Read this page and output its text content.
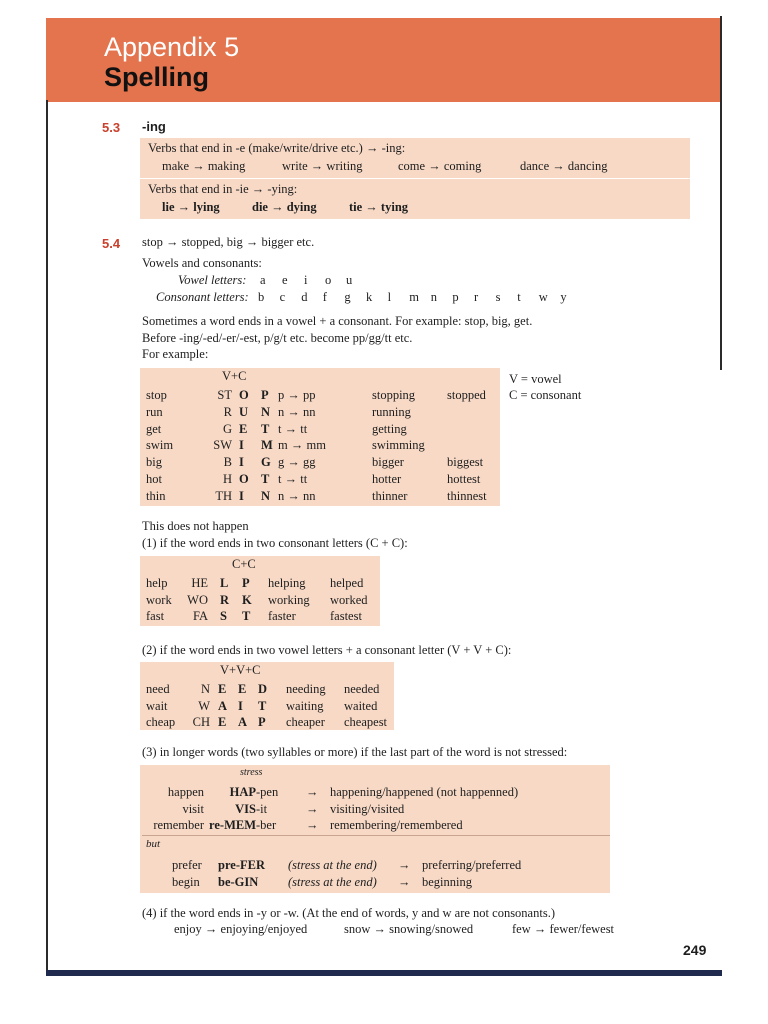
Appendix 5
Spelling
5.3 -ing
Verbs that end in -e (make/write/drive etc.) → -ing:
make → making	write → writing	come → coming	dance → dancing
Verbs that end in -ie → -ying:
lie → lying	die → dying	tie → tying
5.4 stop → stopped, big → bigger etc.
Vowels and consonants:
Vowel letters: a e i o u
Consonant letters: b c d f g k l m n p r s t w y
Sometimes a word ends in a vowel + a consonant. For example: stop, big, get.
Before -ing/-ed/-er/-est, p/g/t etc. become pp/gg/tt etc.
For example:
V+C
stop	ST O P p → pp	stopping	stopped
run	R U N n → nn	running
get	G E T t → tt	getting
swim	SW I M m → mm	swimming
big	B I G g → gg	bigger	biggest
hot	H O T t → tt	hotter	hottest
thin	TH I N n → nn	thinner	thinnest
V = vowel
C = consonant
This does not happen
(1) if the word ends in two consonant letters (C + C):
C+C
help	HE L P helping helped
work WO R K working worked
fast	FA S T faster	fastest
(2) if the word ends in two vowel letters + a consonant letter (V + V + C):
V+V+C
need	N E E D needing needed
wait	W A I T waiting waited
cheap	CH E A P cheaper cheapest
(3) in longer words (two syllables or more) if the last part of the word is not stressed:
stress
happen	HAP -pen → happening/happened (not happenned)
visit	VIS -it	→ visiting/visited
remember re-MEM -ber → remembering/remembered
but
prefer pre-FER (stress at the end) → preferring/preferred
begin be-GIN (stress at the end) → beginning
(4) if the word ends in -y or -w. (At the end of words, y and w are not consonants.)
enjoy → enjoying/enjoyed	snow → snowing/snowed	few → fewer/fewest
249
